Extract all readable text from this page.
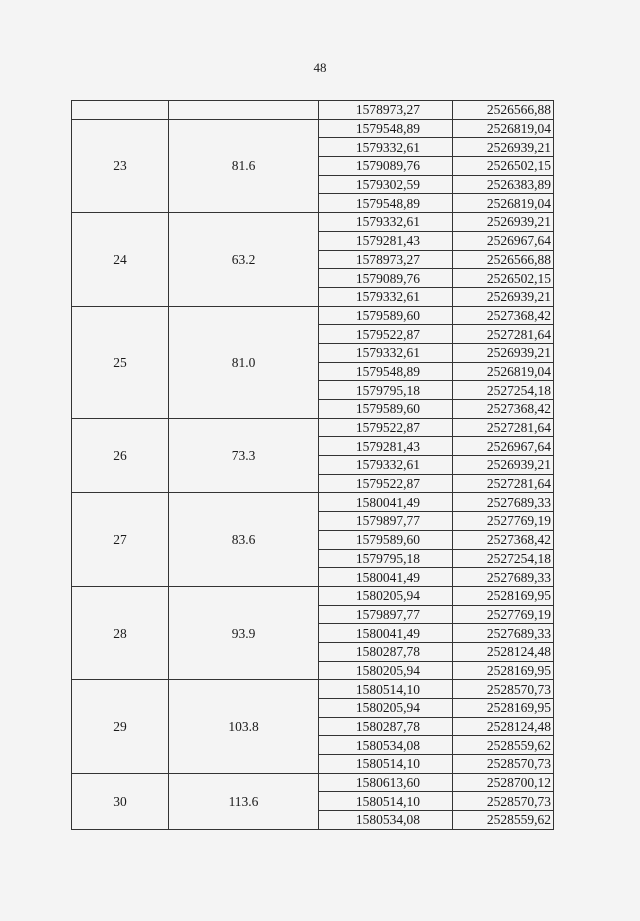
48
		1578973,27	2526566,88
23	81.6	1579548,89	2526819,04
		1579332,61	2526939,21
		1579089,76	2526502,15
		1579302,59	2526383,89
		1579548,89	2526819,04
24	63.2	1579332,61	2526939,21
		1579281,43	2526967,64
		1578973,27	2526566,88
		1579089,76	2526502,15
		1579332,61	2526939,21
25	81.0	1579589,60	2527368,42
		1579522,87	2527281,64
		1579332,61	2526939,21
		1579548,89	2526819,04
		1579795,18	2527254,18
		1579589,60	2527368,42
26	73.3	1579522,87	2527281,64
		1579281,43	2526967,64
		1579332,61	2526939,21
		1579522,87	2527281,64
27	83.6	1580041,49	2527689,33
		1579897,77	2527769,19
		1579589,60	2527368,42
		1579795,18	2527254,18
		1580041,49	2527689,33
28	93.9	1580205,94	2528169,95
		1579897,77	2527769,19
		1580041,49	2527689,33
		1580287,78	2528124,48
		1580205,94	2528169,95
29	103.8	1580514,10	2528570,73
		1580205,94	2528169,95
		1580287,78	2528124,48
		1580534,08	2528559,62
		1580514,10	2528570,73
30	113.6	1580613,60	2528700,12
		1580514,10	2528570,73
		1580534,08	2528559,62
